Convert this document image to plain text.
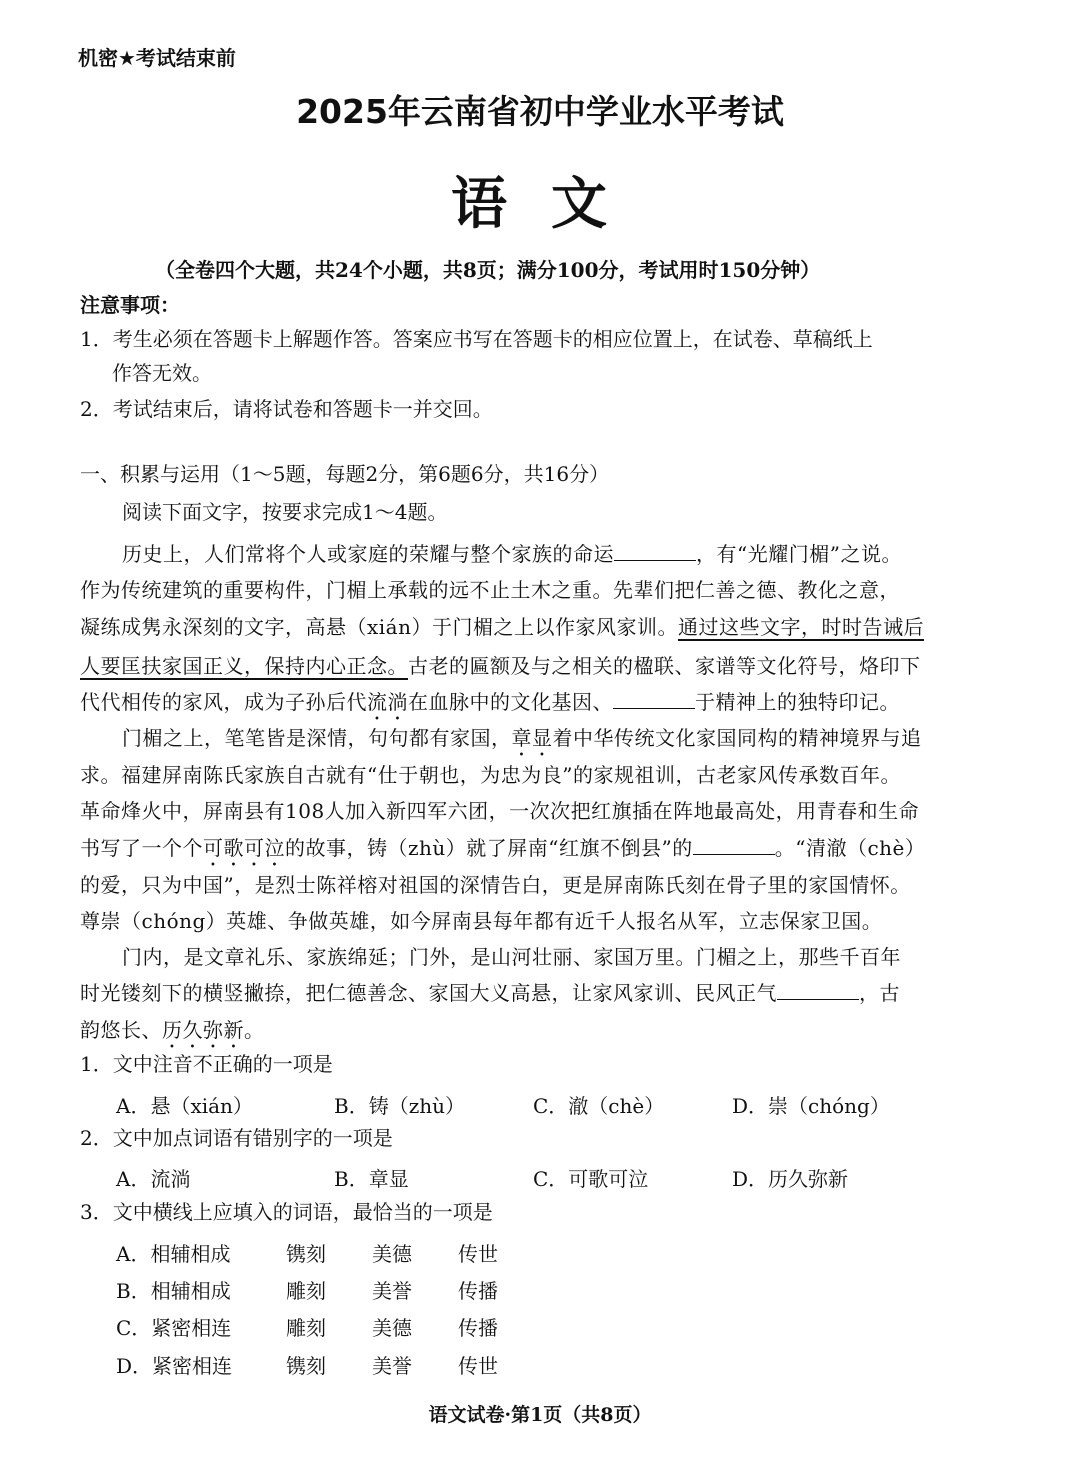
机密★考试结束前
2025年云南省初中学业水平考试
语文
（全卷四个大题，共24个小题，共8页；满分100分，考试用时150分钟）
注意事项：
1．考生必须在答题卡上解题作答。答案应书写在答题卡的相应位置上，在试卷、草稿纸上
作答无效。
2．考试结束后，请将试卷和答题卡一并交回。
一、积累与运用（1～5题，每题2分，第6题6分，共16分）
阅读下面文字，按要求完成1～4题。
历史上，人们常将个人或家庭的荣耀与整个家族的命运	，有“光耀门楣”之说。
作为传统建筑的重要构件，门楣上承载的远不止土木之重。先辈们把仁善之德、教化之意，
凝练成隽永深刻的文字，高悬（xián）于门楣之上以作家风家训。通过这些文字，时时告诫后
人要匡扶家国正义，保持内心正念。古老的匾额及与之相关的楹联、家谱等文化符号，烙印下
代代相传的家风，成为子孙后代流淌在血脉中的文化基因、	于精神上的独特印记。
门楣之上，笔笔皆是深情，句句都有家国，章显着中华传统文化家国同构的精神境界与追
求。福建屏南陈氏家族自古就有“仕于朝也，为忠为良”的家规祖训，古老家风传承数百年。
革命烽火中，屏南县有108人加入新四军六团，一次次把红旗插在阵地最高处，用青春和生命
书写了一个个可歌可泣的故事，铸（zhù）就了屏南“红旗不倒县”的	。“清澈（chè）
的爱，只为中国”，是烈士陈祥榕对祖国的深情告白，更是屏南陈氏刻在骨子里的家国情怀。
尊崇（chóng）英雄、争做英雄，如今屏南县每年都有近千人报名从军，立志保家卫国。
门内，是文章礼乐、家族绵延；门外，是山河壮丽、家国万里。门楣之上，那些千百年
时光镂刻下的横竖撇捺，把仁德善念、家国大义高悬，让家风家训、民风正气	，古
韵悠长、历久弥新。
1．文中注音不正确的一项是
A．悬（xián）	B．铸（zhù）	C．澈（chè）	D．崇（chóng）
2．文中加点词语有错别字的一项是
A．流淌	B．章显	C．可歌可泣	D．历久弥新
3．文中横线上应填入的词语，最恰当的一项是
A．相辅相成	镌刻 美德 传世
B．相辅相成	雕刻 美誉 传播
C．紧密相连	雕刻 美德 传播
D．紧密相连	镌刻 美誉 传世
语文试卷·第1页（共8页）
